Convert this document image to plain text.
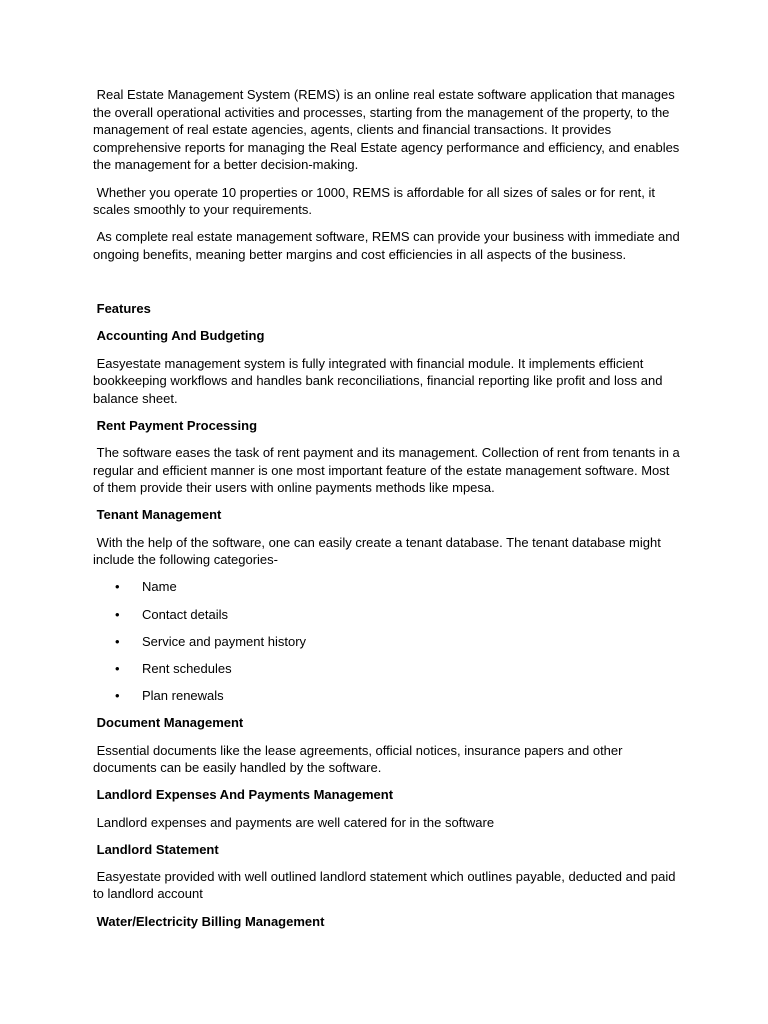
Real Estate Management System (REMS) is an online real estate software application that manages the overall operational activities and processes, starting from the management of the property, to the management of real estate agencies, agents, clients and financial transactions. It provides comprehensive reports for managing the Real Estate agency performance and efficiency, and enables the management for a better decision-making.

Whether you operate 10 properties or 1000, REMS is affordable for all sizes of sales or for rent, it scales smoothly to your requirements.

As complete real estate management software, REMS can provide your business with immediate and ongoing benefits, meaning better margins and cost efficiencies in all aspects of the business.

Features

Accounting And Budgeting

Easyestate management system is fully integrated with financial module. It implements efficient bookkeeping workflows and handles bank reconciliations, financial reporting like profit and loss and balance sheet.

Rent Payment Processing

The software eases the task of rent payment and its management. Collection of rent from tenants in a regular and efficient manner is one most important feature of the estate management software. Most of them provide their users with online payments methods like mpesa.

Tenant Management

With the help of the software, one can easily create a tenant database. The tenant database might include the following categories-

• Name
• Contact details
• Service and payment history
• Rent schedules
• Plan renewals

Document Management

Essential documents like the lease agreements, official notices, insurance papers and other documents can be easily handled by the software.

Landlord Expenses And Payments Management

Landlord expenses and payments are well catered for in the software

Landlord Statement

Easyestate provided with well outlined landlord statement which outlines payable, deducted and paid to landlord account

Water/Electricity Billing Management
